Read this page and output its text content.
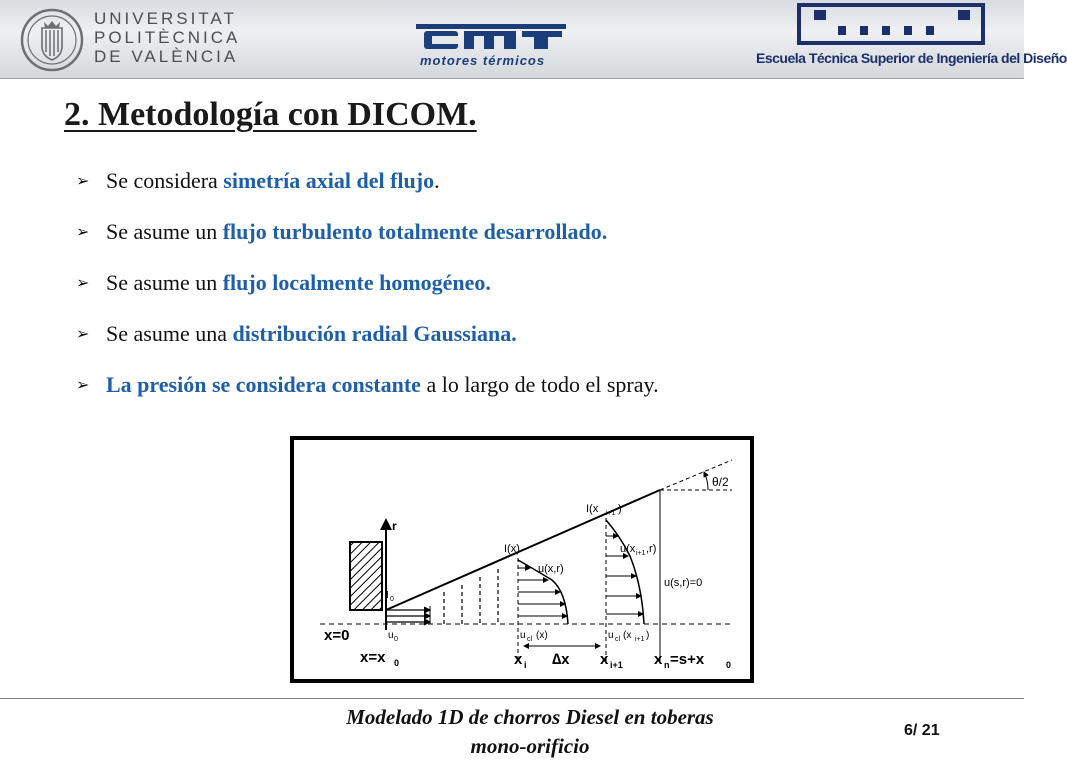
UNIVERSITAT
POLITÈCNICA
DE VALÈNCIA	motores térmicos	Escuela Técnica Superior de Ingeniería del Diseño
2. Metodología con DICOM.
➢ Se considera simetría axial del flujo.
➢ Se asume un flujo turbulento totalmente desarrollado.
➢ Se asume un flujo localmente homogéneo.
➢ Se asume una distribución radial Gaussiana.
➢ La presión se considera constante a lo largo de todo el spray.
r
θ/2
x=0
x=x 0
I 0
u 0
I(x)
I(x i+1 )
u(x,r)
u(x i+1 ,r)
u(s,r)=0
u cl (x)	u cl (x i+1 )
x i ∆x x i+1 x n =s+x 0
Modelado 1D de chorros Diesel en toberas
mono-orificio
6/ 21
